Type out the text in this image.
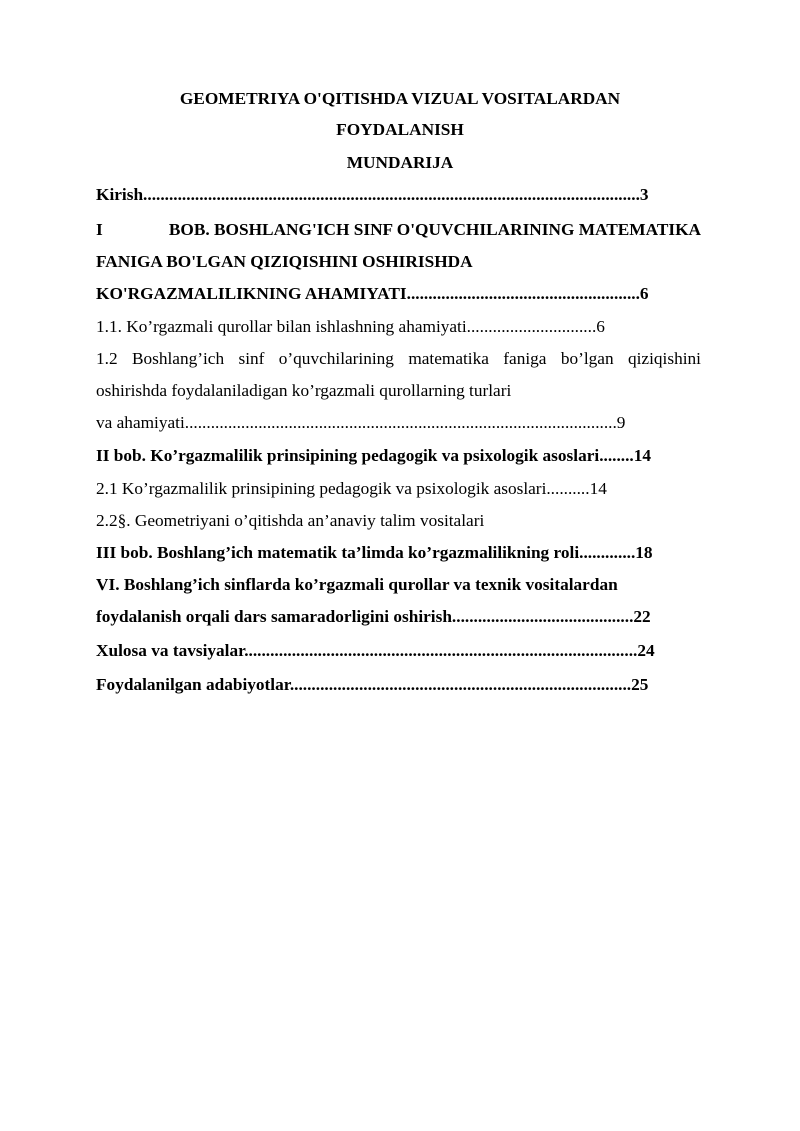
GEOMETRIYA O'QITISHDA VIZUAL VOSITALARDAN
FOYDALANISH
MUNDARIJA
Kirish...................................................................................................................3
I	BOB. BOSHLANG'ICH SINF O'QUVCHILARINING MATEMATIKA
FANIGA BO'LGAN QIZIQISHINI OSHIRISHDA
KO'RGAZMALILIKNING AHAMIYATI......................................................6
1.1. Ko’rgazmali qurollar bilan ishlashning ahamiyati..............................6
1.2 Boshlang’ich sinf o’quvchilarining matematika faniga bo’lgan qiziqishini
oshirishda foydalaniladigan ko’rgazmali qurollarning turlari
va ahamiyati....................................................................................................9
II bob. Ko’rgazmalilik prinsipining pedagogik va psixologik asoslari........14
2.1 Ko’rgazmalilik prinsipining pedagogik va psixologik asoslari..........14
2.2§. Geometriyani o’qitishda an’anaviy talim vositalari
III bob. Boshlang’ich matematik ta’limda ko’rgazmalilikning roli.............18
VI. Boshlang’ich sinflarda ko’rgazmali qurollar va texnik vositalardan
foydalanish orqali dars samaradorligini oshirish..........................................22
Xulosa va tavsiyalar...........................................................................................24
Foydalanilgan adabiyotlar...............................................................................25
